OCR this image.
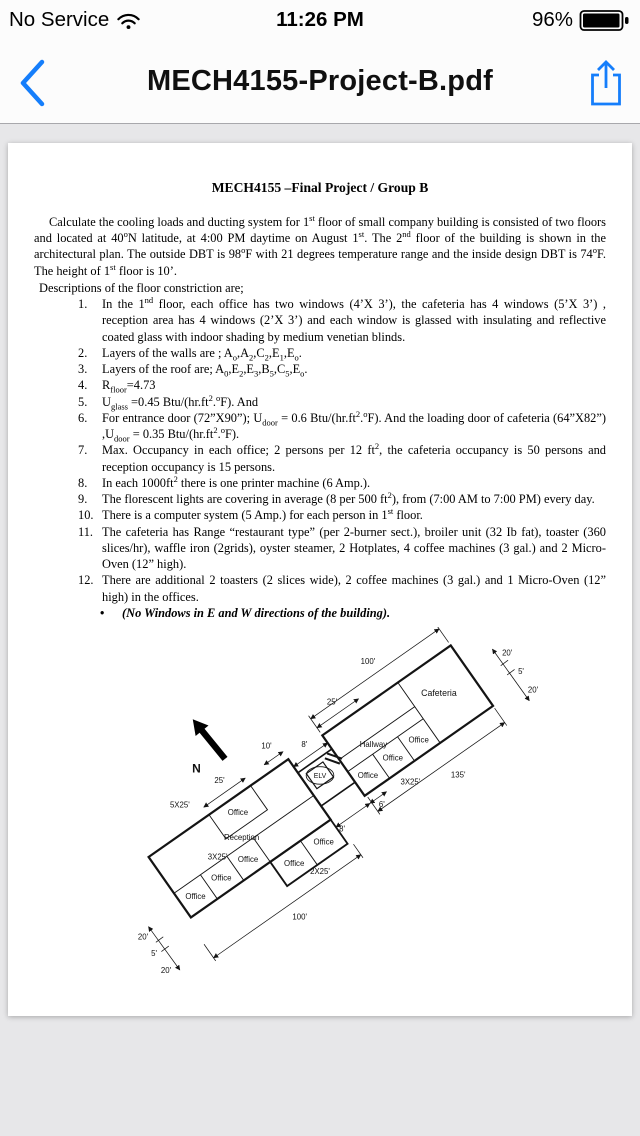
11:26 PM
No Service	96%
MECH4155-Project-B.pdf

MECH4155 –Final Project / Group B

Calculate the cooling loads and ducting system for 1st floor of small company building is consisted of two floors and located at 40$^o$N latitude, at 4:00 PM daytime on August 1st. The 2nd floor of the building is shown in the architectural plan. The outside DBT is 98$^o$F with 21 degrees temperature range and the inside design DBT is 74$^o$F. The height of 1st floor is 10’.

Descriptions of the floor constriction are;
1.	In the 1nd floor, each office has two windows (4’X 3’), the cafeteria has 4 windows (5’X 3’) , reception area has 4 windows (2’X 3’) and each window is glassed with insulating and reflective coated glass with indoor shading by medium venetian blinds.
2.	Layers of the walls are ; $A_o,A_2,C_2,E_1,E_o$.
3.	Layers of the roof are; $A_0,E_2,E_3,B_5,C_5,E_o$.
4.	$R_{floor}=4.73$
5.	$U_{glass} =0.45$ Btu/$(hr.ft^2.^oF)$. And
6.	For entrance door (72”X90”); $U_{door} = 0.6$ Btu/$(hr.ft^2.^oF)$. And the loading door of cafeteria (64”X82”) $,U_{door} = 0.35$ Btu/$(hr.ft^2.^oF)$.
7.	Max. Occupancy in each office; 2 persons per 12 $ft^2$, the cafeteria occupancy is 50 persons and reception occupancy is 15 persons.
8.	In each $1000ft^2$ there is one printer machine (6 Amp.).
9.	The florescent lights are covering in average (8 per 500 $ft^2$), from (7:00 AM to 7:00 PM) every day.
10. There is a computer system (5 Amp.) for each person in 1st floor.
11. The cafeteria has Range “restaurant type” (per 2-burner sect.), broiler unit (32 Ib fat), toaster (360 slices/hr), waffle iron (2grids), oyster steamer, 2 Hotplates, 4 coffee machines (3 gal.) and 2 Micro-Oven (12” high).
12. There are additional 2 toasters (2 slices wide), 2 coffee machines (3 gal.) and 1 Micro-Oven (12” high) in the offices.
•	(No Windows in E and W directions of the building).
N
ELV
Office
Reception
Office
Office
Office	Office
Office
Office
Office
Office
Hallway
Cafeteria
100'
100'
135'
5X25'
3X25'
3X25'
2X25'
25'
25'
10'	8'
8'
6'
20'
5'
20'
20'
5'
20'
